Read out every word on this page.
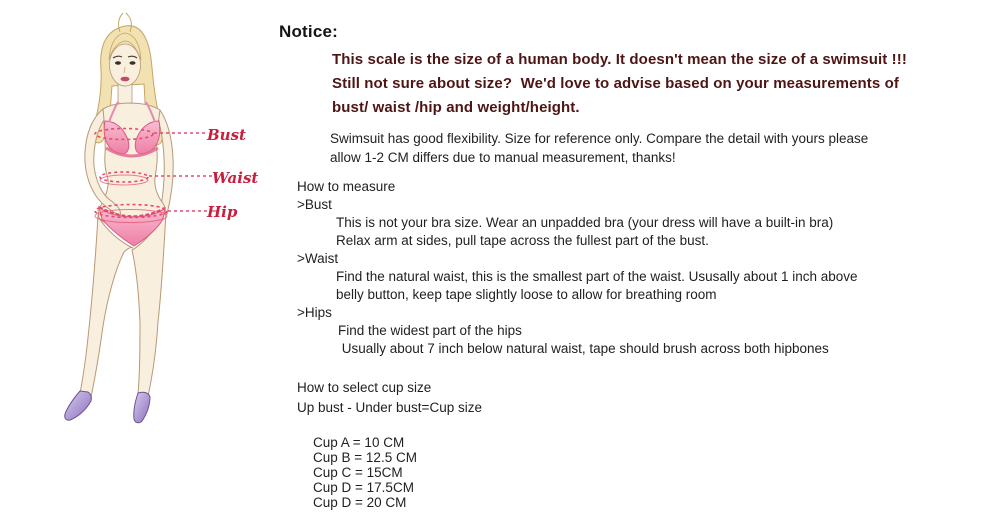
Bust
Waist
Hip
Notice:
This scale is the size of a human body. It doesn't mean the size of a swimsuit !!!
Still not sure about size?  We'd love to advise based on your measurements of
bust/ waist /hip and weight/height.
Swimsuit has good flexibility. Size for reference only. Compare the detail with yours please
allow 1-2 CM differs due to manual measurement, thanks!
How to measure
>Bust
This is not your bra size. Wear an unpadded bra (your dress will have a built-in bra)
Relax arm at sides, pull tape across the fullest part of the bust.
>Waist
Find the natural waist, this is the smallest part of the waist. Ususally about 1 inch above
belly button, keep tape slightly loose to allow for breathing room
>Hips
Find the widest part of the hips
Usually about 7 inch below natural waist, tape should brush across both hipbones
How to select cup size
Up bust - Under bust=Cup size

Cup A = 10 CM
Cup B = 12.5 CM
Cup C = 15CM
Cup D = 17.5CM
Cup D = 20 CM
